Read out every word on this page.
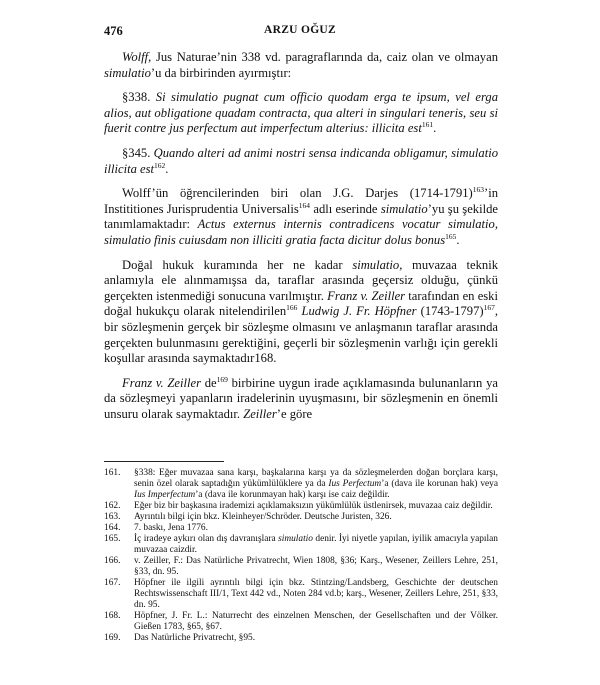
476	ARZU OĞUZ

Wolff, Jus Naturae’nin 338 vd. paragraflarında da, caiz olan ve olmayan simulatio’u da birbirinden ayırmıştır:

§338. Si simulatio pugnat cum officio quodam erga te ipsum, vel erga alios, aut obligatione quadam contracta, qua alteri in singulari teneris, seu si fuerit contre jus perfectum aut imperfectum alterius: illicita est$^{161}$.

§345. Quando alteri ad animi nostri sensa indicanda obligamur, simulatio illicita est$^{162}$.

Wolff’ün öğrencilerinden biri olan J.G. Darjes (1714-1791)$^{163}$’in Instititiones Jurisprudentia Universalis$^{164}$ adlı eserinde simulatio’yu şu şekilde tanımlamaktadır: Actus externus internis contradicens vocatur simulatio, simulatio finis cuiusdam non illiciti gratia facta dicitur dolus bonus$^{165}$.

Doğal hukuk kuramında her ne kadar simulatio, muvazaa teknik anlamıyla ele alınmamışsa da, taraflar arasında geçersiz olduğu, çünkü gerçekten istenmediği sonucuna varılmıştır. Franz v. Zeiller tarafından en eski doğal hukukçu olarak nitelendirilen$^{166}$ Ludwig J. Fr. Höpfner (1743-1797)$^{167}$, bir sözleşmenin gerçek bir sözleşme olmasını ve anlaşmanın taraflar arasında gerçekten bulunmasını gerektiğini, geçerli bir sözleşmenin varlığı için gerekli koşullar arasında saymaktadır168.

Franz v. Zeiller $de^{169}$ birbirine uygun irade açıklamasında bulunanların ya da sözleşmeyi yapanların iradelerinin uyuşmasını, bir sözleşmenin en önemli unsuru olarak saymaktadır. Zeiller’e göre

161.	§338: Eğer muvazaa sana karşı, başkalarına karşı ya da sözleşmelerden doğan borçlara karşı, senin özel olarak saptadığın yükümlülüklere ya da Ius Perfectum’a (dava ile korunan hak) veya Ius Imperfectum’a (dava ile korunmayan hak) karşı ise caiz değildir.
162.	Eğer biz bir başkasına irademizi açıklamaksızın yükümlülük üstlenirsek, muvazaa caiz değildir.
163.	Ayrıntılı bilgi için bkz. Kleinheyer/Schröder. Deutsche Juristen, 326.
164.	7. baskı, Jena 1776.
165.	İç iradeye aykırı olan dış davranışlara simulatio denir. İyi niyetle yapılan, iyilik amacıyla yapılan muvazaa caizdir.
166.	v. Zeiller, F.: Das Natürliche Privatrecht, Wien 1808, §36; Karş., Wesener, Zeillers Lehre, 251, §33, dn. 95.
167.	Höpfner ile ilgili ayrıntılı bilgi için bkz. Stintzing/Landsberg, Geschichte der deutschen Rechtswissenschaft III/1, Text 442 vd., Noten 284 vd.b; karş., Wesener, Zeillers Lehre, 251, §33, dn. 95.
168.	Höpfner, J. Fr. L.: Naturrecht des einzelnen Menschen, der Gesellschaften und der Völker. Gießen 1783, §65, §67.
169.	Das Natürliche Privatrecht, §95.
